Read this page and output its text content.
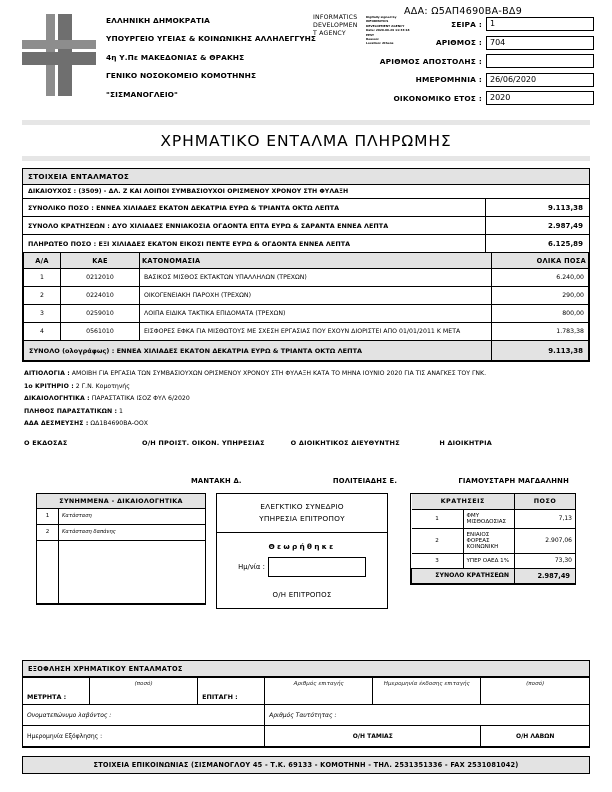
ΕΛΛΗΝΙΚΗ ΔΗΜΟΚΡΑΤΙΑ
ΥΠΟΥΡΓΕΙΟ ΥΓΕΙΑΣ & ΚΟΙΝΩΝΙΚΗΣ ΑΛΛΗΛΕΓΓΥΗΣ
4η Υ.Πε ΜΑΚΕΔΟΝΙΑΣ & ΘΡΑΚΗΣ
ΓΕΝΙΚΟ ΝΟΣΟΚΟΜΕΙΟ ΚΟΜΟΤΗΝΗΣ
"ΣΙΣΜΑΝΟΓΛΕΙΟ"
INFORMATICS
DEVELOPMEN
T AGENCY
Digitally signed by
INFORMATICS
DEVELOPMENT AGENCY
Date: 2020.06.29 11:33:18
EEST
Reason:
Location: Athens
ΑΔΑ: Ω5ΑΠ4690ΒΑ-ΒΔ9
ΣΕΙΡΑ :	1
ΑΡΙΘΜΟΣ :	704
ΑΡΙΘΜΟΣ ΑΠΟΣΤΟΛΗΣ :
ΗΜΕΡΟΜΗΝΙΑ :	26/06/2020
ΟΙΚΟΝΟΜΙΚΟ ΕΤΟΣ :	2020
ΧΡΗΜΑΤΙΚΟ ΕΝΤΑΛΜΑ ΠΛΗΡΩΜΗΣ
ΣΤΟΙΧΕΙΑ ΕΝΤΑΛΜΑΤΟΣ
ΔΙΚΑΙΟΥΧΟΣ : (3509) - ΔΛ. Ζ ΚΑΙ ΛΟΙΠΟΙ ΣΥΜΒΑΣΙΟΥΧΟΙ ΟΡΙΣΜΕΝΟΥ ΧΡΟΝΟΥ ΣΤΗ ΦΥΛΑΞΗ
ΣΥΝΟΛΙΚΟ ΠΟΣΟ : ΕΝΝΕΑ ΧΙΛΙΑΔΕΣ ΕΚΑΤΟΝ ΔΕΚΑΤΡΙΑ ΕΥΡΩ & ΤΡΙΑΝΤΑ ΟΚΤΩ ΛΕΠΤΑ	9.113,38
ΣΥΝΟΛΟ ΚΡΑΤΗΣΕΩΝ : ΔΥΟ ΧΙΛΙΑΔΕΣ ΕΝΝΙΑΚΟΣΙΑ ΟΓΔΟΝΤΑ ΕΠΤΑ ΕΥΡΩ & ΣΑΡΑΝΤΑ ΕΝΝΕΑ ΛΕΠΤΑ	2.987,49
ΠΛΗΡΩΤΕΟ ΠΟΣΟ : ΕΞΙ ΧΙΛΙΑΔΕΣ ΕΚΑΤΟΝ ΕΙΚΟΣΙ ΠΕΝΤΕ ΕΥΡΩ & ΟΓΔΟΝΤΑ ΕΝΝΕΑ ΛΕΠΤΑ	6.125,89
Α/Α	ΚΑΕ	ΚΑΤΟΝΟΜΑΣΙΑ	ΟΛΙΚΑ ΠΟΣΑ
1	0212010	ΒΑΣΙΚΟΣ ΜΙΣΘΟΣ ΕΚΤΑΚΤΩΝ ΥΠΑΛΛΗΛΩΝ (ΤΡΕΧΩΝ)	6.240,00
2	0224010	ΟΙΚΟΓΕΝΕΙΑΚΗ ΠΑΡΟΧΗ (ΤΡΕΧΩΝ)	290,00
3	0259010	ΛΟΙΠΑ ΕΙΔΙΚΑ ΤΑΚΤΙΚΑ ΕΠΙΔΟΜΑΤΑ (ΤΡΕΧΩΝ)	800,00
4	0561010	ΕΙΣΦΟΡΕΣ ΕΦΚΑ ΓΙΑ ΜΙΣΘΩΤΟΥΣ ΜΕ ΣΧΕΣΗ ΕΡΓΑΣΙΑΣ ΠΟΥ ΕΧΟΥΝ ΔΙΟΡΙΣΤΕΙ ΑΠΟ 01/01/2011 Κ ΜΕΤΑ	1.783,38
ΣΥΝΟΛΟ (ολογράφως) : ΕΝΝΕΑ ΧΙΛΙΑΔΕΣ ΕΚΑΤΟΝ ΔΕΚΑΤΡΙΑ ΕΥΡΩ & ΤΡΙΑΝΤΑ ΟΚΤΩ ΛΕΠΤΑ			9.113,38
ΑΙΤΙΟΛΟΓΙΑ : ΑΜΟΙΒΗ ΓΙΑ ΕΡΓΑΣΙΑ ΤΩΝ ΣΥΜΒΑΣΙΟΥΧΩΝ ΟΡΙΣΜΕΝΟΥ ΧΡΟΝΟΥ ΣΤΗ ΦΥΛΑΞΗ ΚΑΤΑ ΤΟ ΜΗΝΑ ΙΟΥΝΙΟ 2020 ΓΙΑ ΤΙΣ ΑΝΑΓΚΕΣ ΤΟΥ ΓΝΚ.
1ο ΚΡΙΤΗΡΙΟ : 2 Γ.Ν. Κομοτηνής
ΔΙΚΑΙΟΛΟΓΗΤΙΚΑ : ΠΑΡΑΣΤΑΤΙΚΑ ΙΣΟΖ ΦΥΛ 6/2020
ΠΛΗΘΟΣ ΠΑΡΑΣΤΑΤΙΚΩΝ : 1
ΑΔΑ ΔΕΣΜΕΥΣΗΣ : ΩΔ1Β4690ΒΑ-ΟΟΧ
Ο ΕΚΔΟΣΑΣ	Ο/Η ΠΡΟΙΣΤ. ΟΙΚΟΝ. ΥΠΗΡΕΣΙΑΣ	Ο ΔΙΟΙΚΗΤΙΚΟΣ ΔΙΕΥΘΥΝΤΗΣ	Η ΔΙΟΙΚΗΤΡΙΑ
ΜΑΝΤΑΚΗ Δ.	ΠΟΛΙΤΕΙΑΔΗΣ Ε.	ΓΙΑΜΟΥΣΤΑΡΗ ΜΑΓΔΑΛΗΝΗ
ΣΥΝΗΜΜΕΝΑ - ΔΙΚΑΙΟΛΟΓΗΤΙΚΑ
1	Κατάσταση
2	Κατάσταση δαπάνης

ΕΛΕΓΚΤΙΚΟ ΣΥΝΕΔΡΙΟ
ΥΠΗΡΕΣΙΑ ΕΠΙΤΡΟΠΟΥ
Θεωρήθηκε
Ημ/νία :
Ο/Η ΕΠΙΤΡΟΠΟΣ
ΚΡΑΤΗΣΕΙΣ		ΠΟΣΟ
1	ΦΜΥ ΜΙΣΘΟΔΟΣΙΑΣ	7,13
2	ΕΝΙΑΙΟΣ ΦΟΡΕΑΣ ΚΟΙΝΩΝΙΚΗ	2.907,06
3	ΥΠΕΡ ΟΑΕΔ 1%	73,30
ΣΥΝΟΛΟ ΚΡΑΤΗΣΕΩΝ		2.987,49
ΕΞΟΦΛΗΣΗ ΧΡΗΜΑΤΙΚΟΥ ΕΝΤΑΛΜΑΤΟΣ
ΜΕΤΡΗΤΑ :	(ποσό)	ΕΠΙΤΑΓΗ :	Αριθμός επιταγής	Ημερομηνία έκδοσης επιταγής	(ποσό)
Ονοματεπώνυμο λαβόντος :			Αριθμός Ταυτότητας :		
Ημερομηνία Εξόφλησης :			Ο/Η ΤΑΜΙΑΣ		Ο/Η ΛΑΒΩΝ
ΣΤΟΙΧΕΙΑ ΕΠΙΚΟΙΝΩΝΙΑΣ (ΣΙΣΜΑΝΟΓΛΟΥ 45 - Τ.Κ. 69133 - ΚΟΜΟΤΗΝΗ - ΤΗΛ. 2531351336 - FAX 2531081042)
